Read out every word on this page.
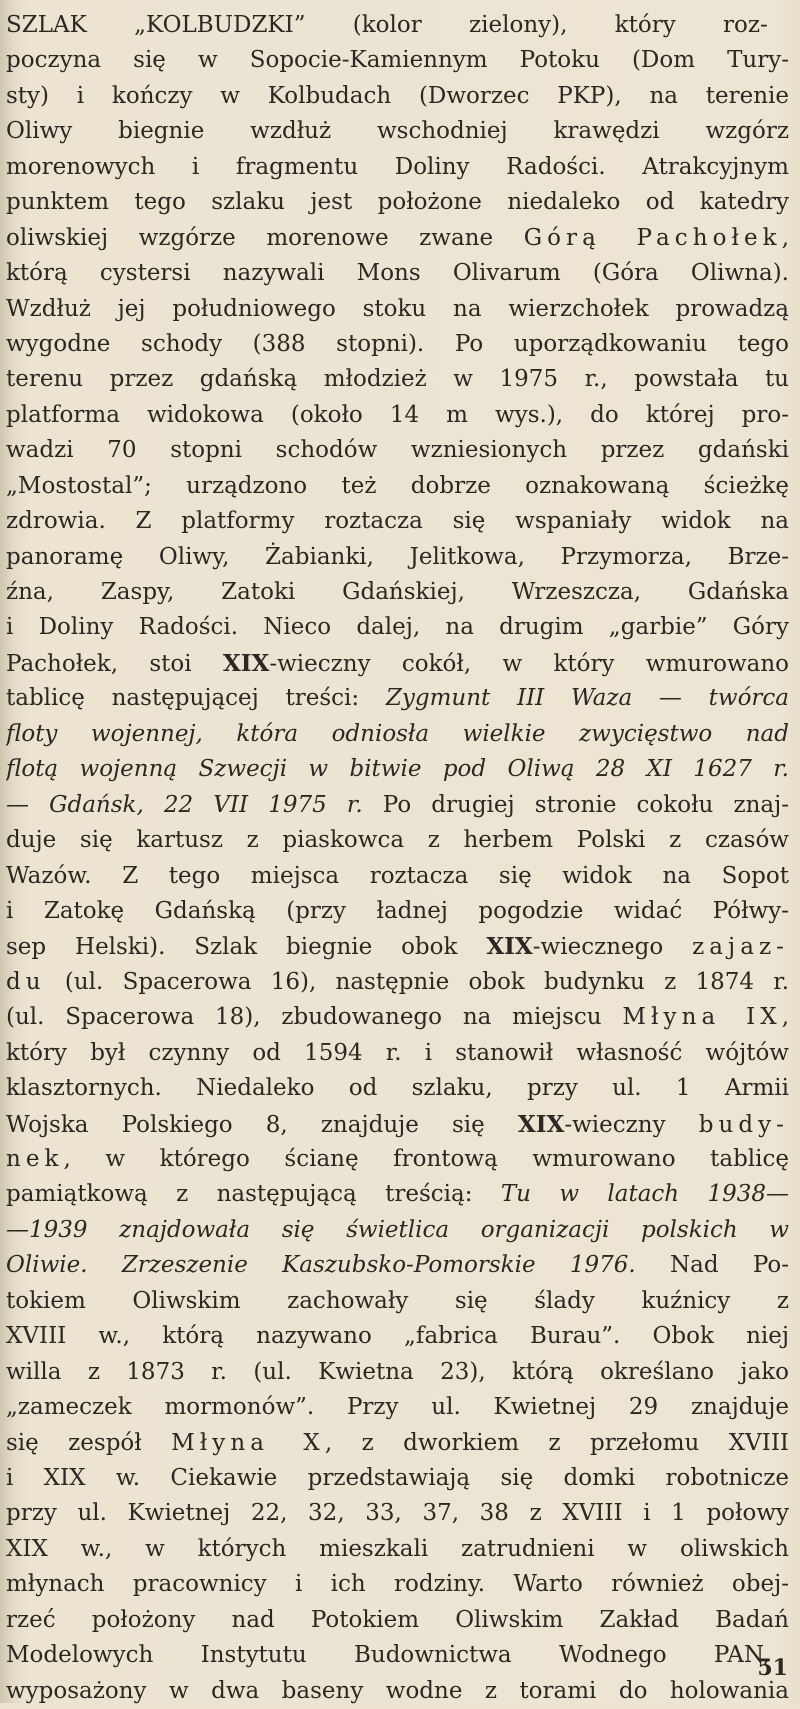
SZLAK „KOLBUDZKI” (kolor zielony), który roz-
poczyna się w Sopocie-Kamiennym Potoku (Dom Tury-
sty) i kończy w Kolbudach (Dworzec PKP), na terenie
Oliwy biegnie wzdłuż wschodniej krawędzi wzgórz
morenowych i fragmentu Doliny Radości. Atrakcyjnym
punktem tego szlaku jest położone niedaleko od katedry
oliwskiej wzgórze morenowe zwane Górą Pachołek,
którą cystersi nazywali Mons Olivarum (Góra Oliwna).
Wzdłuż jej południowego stoku na wierzchołek prowadzą
wygodne schody (388 stopni). Po uporządkowaniu tego
terenu przez gdańską młodzież w 1975 r., powstała tu
platforma widokowa (około 14 m wys.), do której pro-
wadzi 70 stopni schodów wzniesionych przez gdański
„Mostostal”; urządzono też dobrze oznakowaną ścieżkę
zdrowia. Z platformy roztacza się wspaniały widok na
panoramę Oliwy, Żabianki, Jelitkowa, Przymorza, Brze-
źna, Zaspy, Zatoki Gdańskiej, Wrzeszcza, Gdańska
i Doliny Radości. Nieco dalej, na drugim „garbie” Góry
Pachołek, stoi XIX-wieczny cokół, w który wmurowano
tablicę następującej treści: Zygmunt III Waza — twórca
floty wojennej, która odniosła wielkie zwycięstwo nad
flotą wojenną Szwecji w bitwie pod Oliwą 28 XI 1627 r.
— Gdańsk, 22 VII 1975 r. Po drugiej stronie cokołu znaj-
duje się kartusz z piaskowca z herbem Polski z czasów
Wazów. Z tego miejsca roztacza się widok na Sopot
i Zatokę Gdańską (przy ładnej pogodzie widać Półwy-
sep Helski). Szlak biegnie obok XIX-wiecznego zajaz-
du (ul. Spacerowa 16), następnie obok budynku z 1874 r.
(ul. Spacerowa 18), zbudowanego na miejscu Młyna IX,
który był czynny od 1594 r. i stanowił własność wójtów
klasztornych. Niedaleko od szlaku, przy ul. 1 Armii
Wojska Polskiego 8, znajduje się XIX-wieczny budy-
nek, w którego ścianę frontową wmurowano tablicę
pamiątkową z następującą treścią: Tu w latach 1938—
—1939 znajdowała się świetlica organizacji polskich w
Oliwie. Zrzeszenie Kaszubsko-Pomorskie 1976. Nad Po-
tokiem Oliwskim zachowały się ślady kuźnicy z
XVIII w., którą nazywano „fabrica Burau”. Obok niej
willa z 1873 r. (ul. Kwietna 23), którą określano jako
„zameczek mormonów”. Przy ul. Kwietnej 29 znajduje
się zespół Młyna X, z dworkiem z przełomu XVIII
i XIX w. Ciekawie przedstawiają się domki robotnicze
przy ul. Kwietnej 22, 32, 33, 37, 38 z XVIII i 1 połowy
XIX w., w których mieszkali zatrudnieni w oliwskich
młynach pracownicy i ich rodziny. Warto również obej-
rzeć położony nad Potokiem Oliwskim Zakład Badań
Modelowych Instytutu Budownictwa Wodnego PAN,
wyposażony w dwa baseny wodne z torami do holowania
51
